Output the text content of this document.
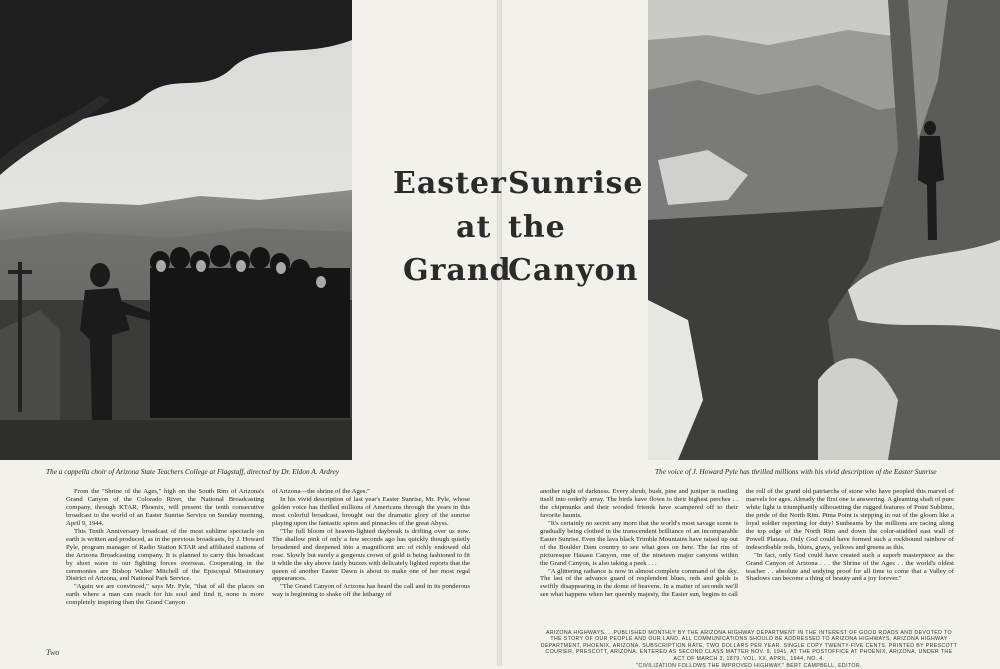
Easter Sunrise
at the
Grand
Canyon
The a cappella choir of Arizona State Teachers College at Flagstaff, directed by Dr. Eldon A. Ardrey	The voice of J. Howard Pyle has thrilled millions with his vivid description of the Easter Sunrise

From the "Shrine of the Ages," high on the South Rim of Arizona's Grand Canyon of the Colorado River, the National Broadcasting company, through KTAR, Phoenix, will present the tenth consecutive broadcast to the world of an Easter Sunrise Service on Sunday morning, April 9, 1944.

This Tenth Anniversary broadcast of the most sublime spectacle on earth is written and produced, as in the previous broadcasts, by J. Howard Pyle, program manager of Radio Station KTAR and affiliated stations of the Arizona Broadcasting company. It is planned to carry this broadcast by short wave to our fighting forces overseas. Cooperating in the ceremonies are Bishop Walter Mitchell of the Episcopal Missionary District of Arizona, and National Park Service.

"Again we are convinced," says Mr. Pyle, "that of all the places on earth where a man can reach for his soul and find it, none is more completely inspiring than the Grand Canyon

of Arizona—the shrine of the Ages."

In his vivid description of last year's Easter Sunrise, Mr. Pyle, whose golden voice has thrilled millions of Americans through the years in this most colorful broadcast, brought out the dramatic glory of the sunrise playing upon the fantastic spires and pinnacles of the great Abyss.

"The full bloom of heaven-lighted daybreak is drifting over us now. The shallow pink of only a few seconds ago has quickly though quietly broadened and deepened into a magnificent arc of richly endowed old rose. Slowly but surely a gorgeous crown of gold is being fashioned to fit it while the sky above fairly buzzes with delicately lighted reports that the queen of another Easter Dawn is about to make one of her most regal appearances.

"The Grand Canyon of Arizona has heard the call and in its ponderous way is beginning to shake off the lethargy of

another night of darkness. Every shrub, bush, pine and juniper is rustling itself into orderly array. The birds have flown to their highest perches . . the chipmunks and their wooded friends have scampered off to their favorite haunts.

"It's certainly no secret any more that the world's most savage scene is gradually being clothed in the transcendent brilliance of an incomparable Easter Sunrise. Even the lava black Trimble Mountains have raised up out of the Boulder Dam country to see what goes on here. The far rim of picturesque Hasasu Canyon, one of the nineteen major canyons within the Grand Canyon, is also taking a peek . . .

"A glittering radiance is now in almost complete command of the sky. The last of the advance guard of resplendent blues, reds and golds is swiftly disappearing in the dome of heavens. In a matter of seconds we'll see what happens when her queenly majesty, the Easter sun, begins to call

the roll of the grand old patriarchs of stone who have peopled this marvel of marvels for ages. Already the first one is answering. A gleaming shaft of pure white light is triumphantly silhouetting the rugged features of Point Sublime, the pride of the North Rim. Pima Point is stepping in out of the gloom like a loyal soldier reporting for duty! Sunbeams by the millions are racing along the top edge of the North Rim and down the color-studded east wall of Powell Plateau. Only God could have formed such a rockbound rainbow of indescribable reds, blues, grays, yellows and greens as this.

"In fact, only God could have created such a superb masterpiece as the Grand Canyon of Arizona . . . the Shrine of the Ages . . the world's oldest teacher . . absolute and undying proof for all time to come that a Valley of Shadows can become a thing of beauty and a joy forever."

ARIZONA HIGHWAYS.....PUBLISHED MONTHLY BY THE ARIZONA HIGHWAY DEPARTMENT IN THE INTEREST OF GOOD ROADS AND DEVOTED TO THE STORY OF OUR PEOPLE AND OUR LAND. ALL COMMUNICATIONS SHOULD BE ADDRESSED TO ARIZONA HIGHWAYS, ARIZONA HIGHWAY DEPARTMENT, PHOENIX, ARIZONA. SUBSCRIPTION RATE, TWO DOLLARS PER YEAR. SINGLE COPY TWENTY-FIVE CENTS. PRINTED BY PRESCOTT COURIER, PRESCOTT, ARIZONA. ENTERED AS SECOND CLASS MATTER NOV. 9, 1941, AT THE POSTOFFICE AT PHOENIX, ARIZONA, UNDER THE ACT OF MARCH 3, 1879. VOL. XX, APRIL, 1944, NO. 4.
"CIVILIZATION FOLLOWS THE IMPROVED HIGHWAY." BERT CAMPBELL, EDITOR.
Two
